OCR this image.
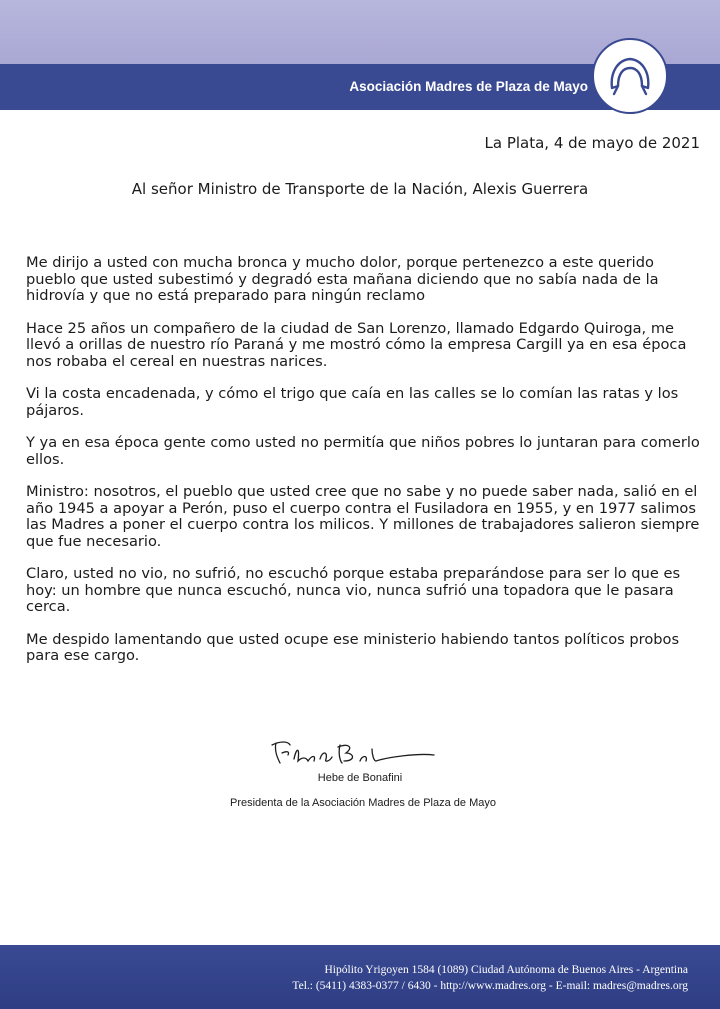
Asociación Madres de Plaza de Mayo
La Plata, 4 de mayo de 2021
Al señor Ministro de Transporte de la Nación, Alexis Guerrera

Me dirijo a usted con mucha bronca y mucho dolor, porque pertenezco a este querido pueblo que usted subestimó y degradó esta mañana diciendo que no sabía nada de la hidrovía y que no está preparado para ningún reclamo

Hace 25 años un compañero de la ciudad de San Lorenzo, llamado Edgardo Quiroga, me llevó a orillas de nuestro río Paraná y me mostró cómo la empresa Cargill ya en esa época nos robaba el cereal en nuestras narices.

Vi la costa encadenada, y cómo el trigo que caía en las calles se lo comían las ratas y los pájaros.

Y ya en esa época gente como usted no permitía que niños pobres lo juntaran para comerlo ellos.

Ministro: nosotros, el pueblo que usted cree que no sabe y no puede saber nada, salió en el año 1945 a apoyar a Perón, puso el cuerpo contra el Fusiladora en 1955, y en 1977 salimos las Madres a poner el cuerpo contra los milicos. Y millones de trabajadores salieron siempre que fue necesario.

Claro, usted no vio, no sufrió, no escuchó porque estaba preparándose para ser lo que es hoy: un hombre que nunca escuchó, nunca vio, nunca sufrió una topadora que le pasara cerca.

Me despido lamentando que usted ocupe ese ministerio habiendo tantos políticos probos para ese cargo.

Hebe de Bonafini
Presidenta de la Asociación Madres de Plaza de Mayo
Hipólito Yrigoyen 1584 (1089) Ciudad Autónoma de Buenos Aires - Argentina
Tel.: (5411) 4383-0377 / 6430 - http://www.madres.org - E-mail: madres@madres.org
